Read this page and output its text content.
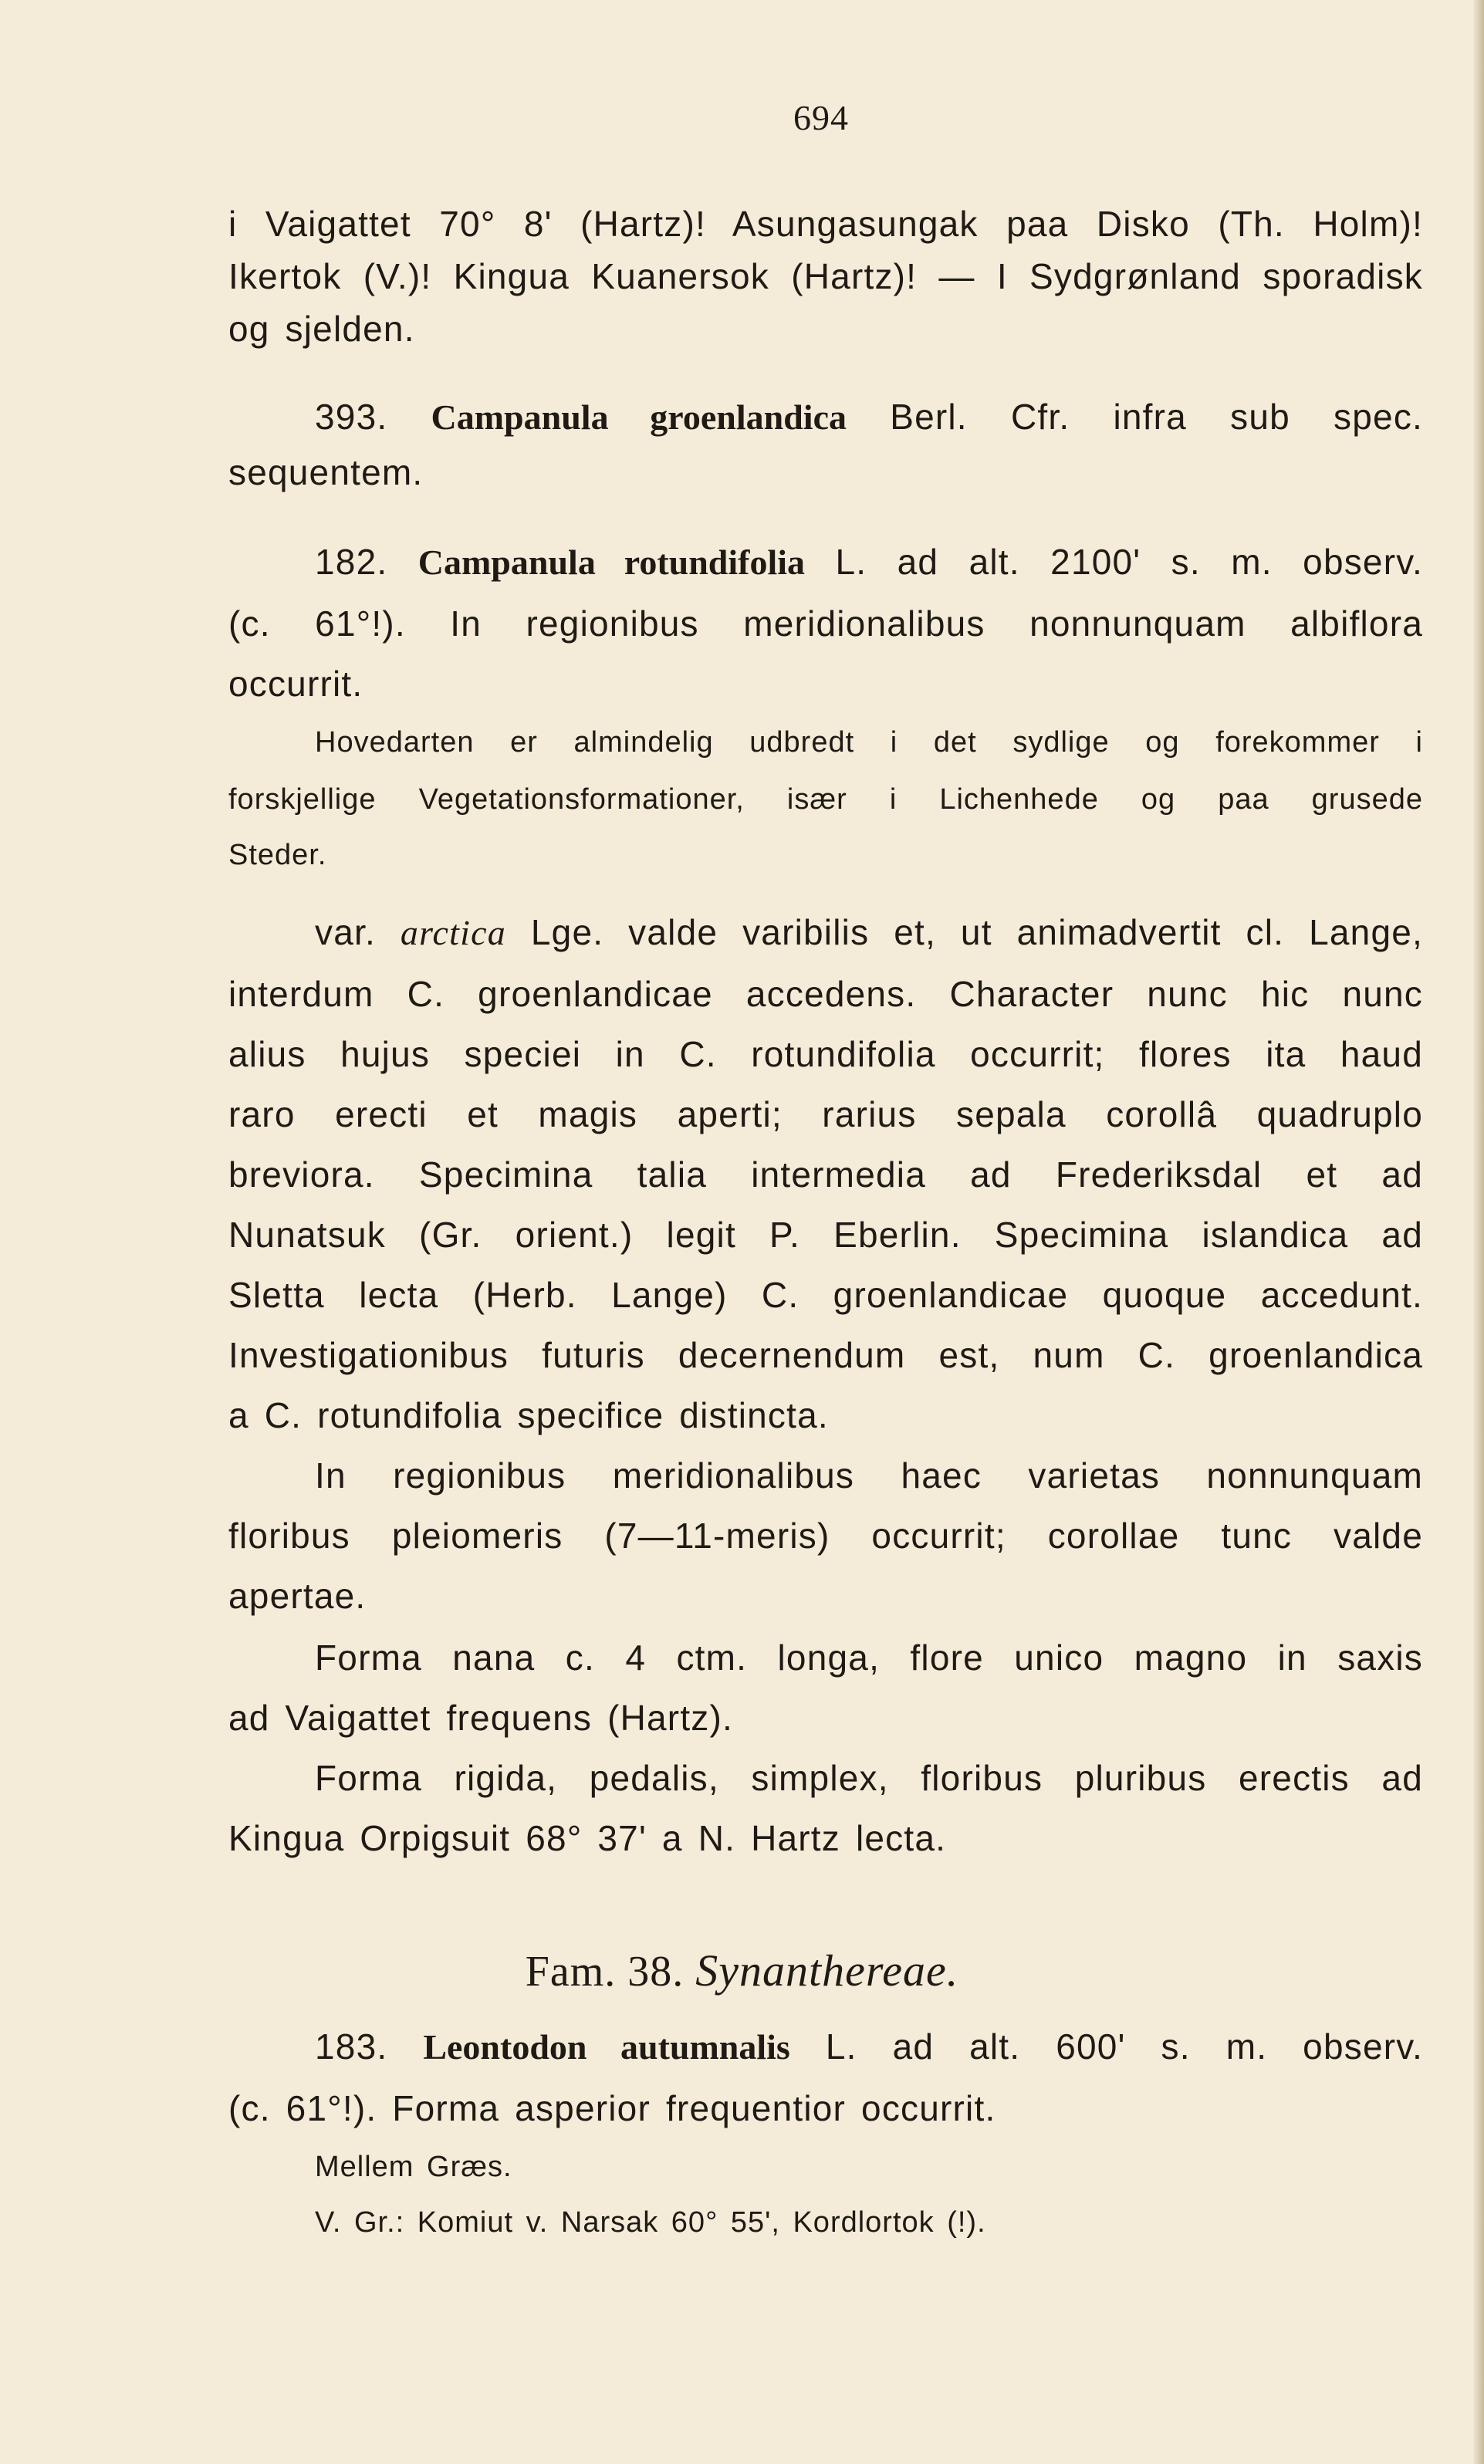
694
i Vaigattet 70° 8' (Hartz)! Asungasungak paa Disko (Th. Holm)!
Ikertok (V.)! Kingua Kuanersok (Hartz)! — I Sydgrønland sporadisk
og sjelden.
393. Campanula groenlandica Berl. Cfr. infra sub spec.
sequentem.
182. Campanula rotundifolia L. ad alt. 2100' s. m. observ.
(c. 61°!). In regionibus meridionalibus nonnunquam albiflora
occurrit.
Hovedarten er almindelig udbredt i det sydlige og forekommer i
forskjellige Vegetationsformationer, især i Lichenhede og paa grusede
Steder.
var. arctica Lge. valde varibilis et, ut animadvertit cl. Lange,
interdum C. groenlandicae accedens. Character nunc hic nunc
alius hujus speciei in C. rotundifolia occurrit; flores ita haud
raro erecti et magis aperti; rarius sepala corollâ quadruplo
breviora. Specimina talia intermedia ad Frederiksdal et ad
Nunatsuk (Gr. orient.) legit P. Eberlin. Specimina islandica ad
Sletta lecta (Herb. Lange) C. groenlandicae quoque accedunt.
Investigationibus futuris decernendum est, num C. groenlandica
a C. rotundifolia specifice distincta.
In regionibus meridionalibus haec varietas nonnunquam
floribus pleiomeris (7—11-meris) occurrit; corollae tunc valde
apertae.
Forma nana c. 4 ctm. longa, flore unico magno in saxis
ad Vaigattet frequens (Hartz).
Forma rigida, pedalis, simplex, floribus pluribus erectis ad
Kingua Orpigsuit 68° 37' a N. Hartz lecta.
183. Leontodon autumnalis L. ad alt. 600' s. m. observ.
(c. 61°!). Forma asperior frequentior occurrit.
Mellem Græs.
V. Gr.: Komiut v. Narsak 60° 55', Kordlortok (!).
Fam. 38. Synanthereae.
